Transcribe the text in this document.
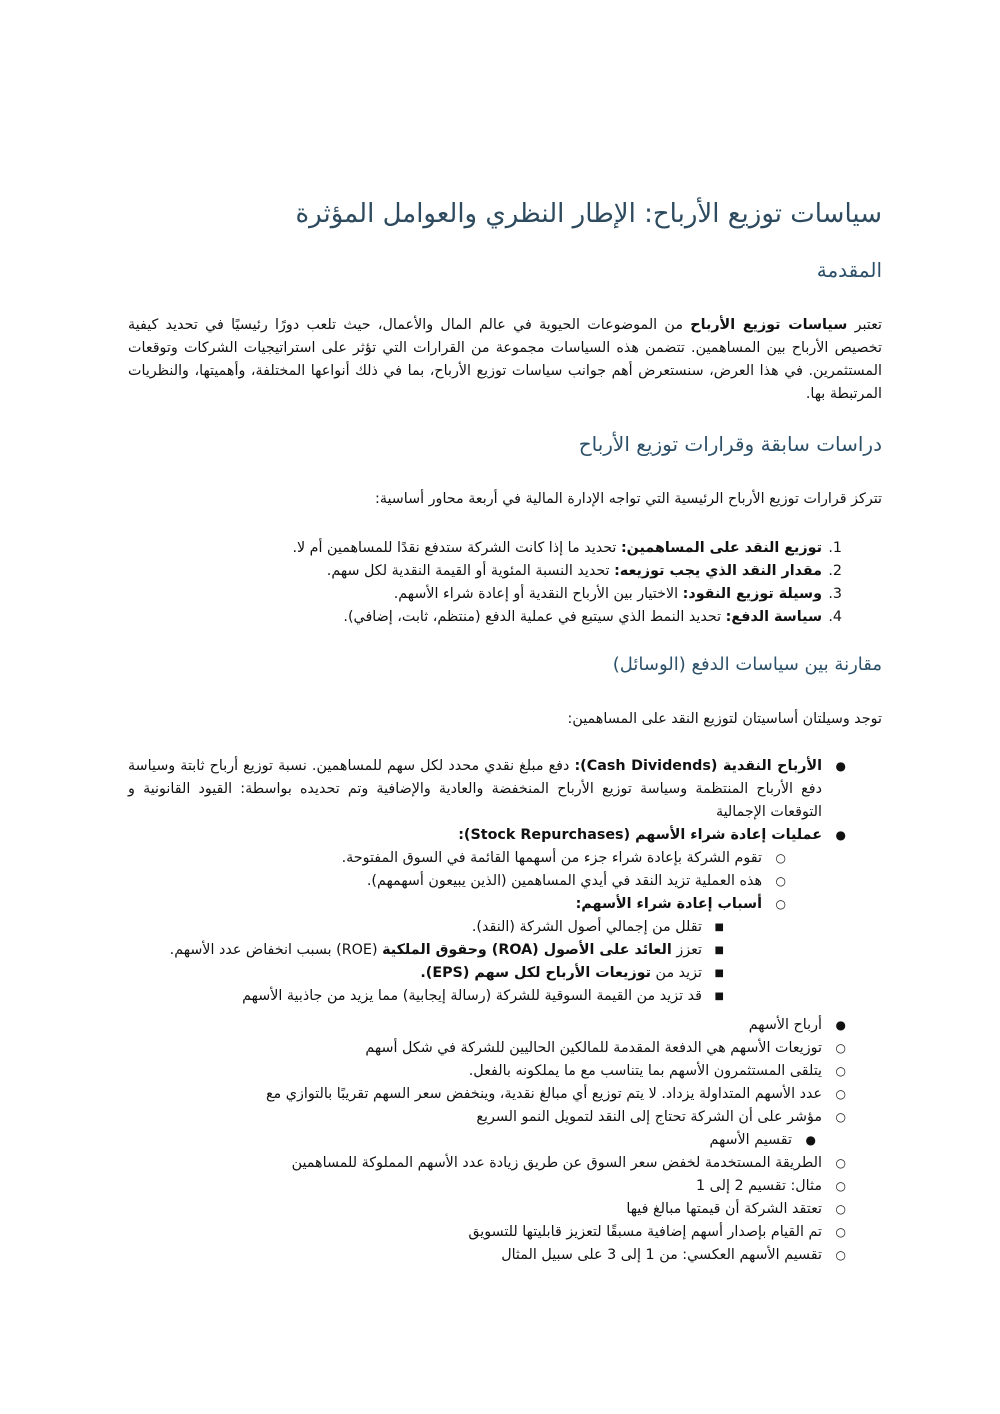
سياسات توزيع الأرباح: الإطار النظري والعوامل المؤثرة
المقدمة

تعتبر سياسات توزيع الأرباح من الموضوعات الحيوية في عالم المال والأعمال، حيث تلعب دورًا رئيسيًا في تحديد كيفية تخصيص الأرباح بين المساهمين. تتضمن هذه السياسات مجموعة من القرارات التي تؤثر على استراتيجيات الشركات وتوقعات المستثمرين. في هذا العرض، سنستعرض أهم جوانب سياسات توزيع الأرباح، بما في ذلك أنواعها المختلفة، وأهميتها، والنظريات المرتبطة بها.

دراسات سابقة وقرارات توزيع الأرباح

تتركز قرارات توزيع الأرباح الرئيسية التي تواجه الإدارة المالية في أربعة محاور أساسية:

1.
توزيع النقد على المساهمين: تحديد ما إذا كانت الشركة ستدفع نقدًا للمساهمين أم لا.
2.
مقدار النقد الذي يجب توزيعه: تحديد النسبة المئوية أو القيمة النقدية لكل سهم.
3.
وسيلة توزيع النقود: الاختيار بين الأرباح النقدية أو إعادة شراء الأسهم.
4.
سياسة الدفع: تحديد النمط الذي سيتبع في عملية الدفع (منتظم، ثابت، إضافي).
مقارنة بين سياسات الدفع (الوسائل)

توجد وسيلتان أساسيتان لتوزيع النقد على المساهمين:

●
الأرباح النقدية (Cash Dividends): دفع مبلغ نقدي محدد لكل سهم للمساهمين. نسبة توزيع أرباح ثابتة وسياسة دفع الأرباح المنتظمة وسياسة توزيع الأرباح المنخفضة والعادية والإضافية وتم تحديده بواسطة: القيود القانونية و التوقعات الإجمالية
●
عمليات إعادة شراء الأسهم (Stock Repurchases):
○
تقوم الشركة بإعادة شراء جزء من أسهمها القائمة في السوق المفتوحة.
○
هذه العملية تزيد النقد في أيدي المساهمين (الذين يبيعون أسهمهم).
○
أسباب إعادة شراء الأسهم:
■
تقلل من إجمالي أصول الشركة (النقد).
■
تعزز العائد على الأصول (ROA) وحقوق الملكية (ROE) بسبب انخفاض عدد الأسهم.
■
تزيد من توزيعات الأرباح لكل سهم (EPS).
■
قد تزيد من القيمة السوقية للشركة (رسالة إيجابية) مما يزيد من جاذبية الأسهم
●
أرباح الأسهم
○
توزيعات الأسهم هي الدفعة المقدمة للمالكين الحاليين للشركة في شكل أسهم
○
يتلقى المستثمرون الأسهم بما يتناسب مع ما يملكونه بالفعل.
○
عدد الأسهم المتداولة يزداد. لا يتم توزيع أي مبالغ نقدية، وينخفض سعر السهم تقريبًا بالتوازي مع
○
مؤشر على أن الشركة تحتاج إلى النقد لتمويل النمو السريع
●
تقسيم الأسهم
○
الطريقة المستخدمة لخفض سعر السوق عن طريق زيادة عدد الأسهم المملوكة للمساهمين
○
مثال: تقسيم 2 إلى 1
○
تعتقد الشركة أن قيمتها مبالغ فيها
○
تم القيام بإصدار أسهم إضافية مسبقًا لتعزيز قابليتها للتسويق
○
تقسيم الأسهم العكسي: من 1 إلى 3 على سبيل المثال
